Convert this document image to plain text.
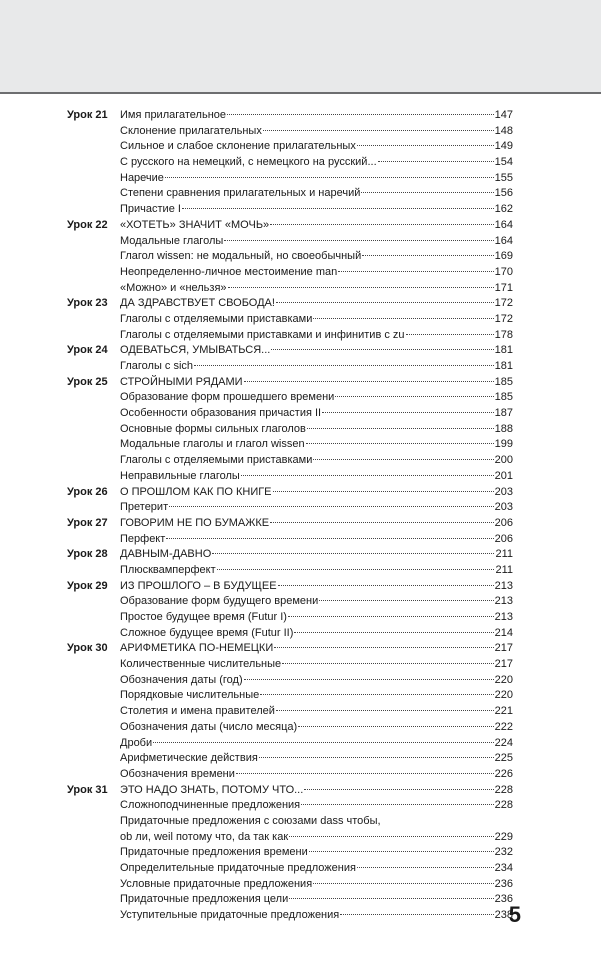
Урок 21	Имя прилагательное	147
Склонение прилагательных	148
Сильное и слабое склонение прилагательных	149
С русского на немецкий, с немецкого на русский...	154
Наречие	155
Степени сравнения прилагательных и наречий	156
Причастие I	162
Урок 22	«ХОТЕТЬ» ЗНАЧИТ «МОЧЬ»	164
Модальные глаголы	164
Глагол wissen: не модальный, но своеобычный	169
Неопределенно-личное местоимение man	170
«Можно» и «нельзя»	171
Урок 23	ДА ЗДРАВСТВУЕТ СВОБОДА!	172
Глаголы с отделяемыми приставками	172
Глаголы с отделяемыми приставками и инфинитив с zu	178
Урок 24	ОДЕВАТЬСЯ, УМЫВАТЬСЯ...	181
Глаголы с sich	181
Урок 25	СТРОЙНЫМИ РЯДАМИ	185
Образование форм прошедшего времени	185
Особенности образования причастия II	187
Основные формы сильных глаголов	188
Модальные глаголы и глагол wissen	199
Глаголы с отделяемыми приставками	200
Неправильные глаголы	201
Урок 26	О ПРОШЛОМ КАК ПО КНИГЕ	203
Претерит	203
Урок 27	ГОВОРИМ НЕ ПО БУМАЖКЕ	206
Перфект	206
Урок 28	ДАВНЫМ-ДАВНО	211
Плюсквамперфект	211
Урок 29	ИЗ ПРОШЛОГО – В БУДУЩЕЕ	213
Образование форм будущего времени	213
Простое будущее время (Futur I)	213
Сложное будущее время (Futur II)	214
Урок 30	АРИФМЕТИКА ПО-НЕМЕЦКИ	217
Количественные числительные	217
Обозначения даты (год)	220
Порядковые числительные	220
Столетия и имена правителей	221
Обозначения даты (число месяца)	222
Дроби	224
Арифметические действия	225
Обозначения времени	226
Урок 31	ЭТО НАДО ЗНАТЬ, ПОТОМУ ЧТО...	228
Сложноподчиненные предложения	228
Придаточные предложения с союзами dass чтобы,
ob ли, weil потому что, da так как	229
Придаточные предложения времени	232
Определительные придаточные предложения	234
Условные придаточные предложения	236
Придаточные предложения цели	236
Уступительные придаточные предложения	238
5
